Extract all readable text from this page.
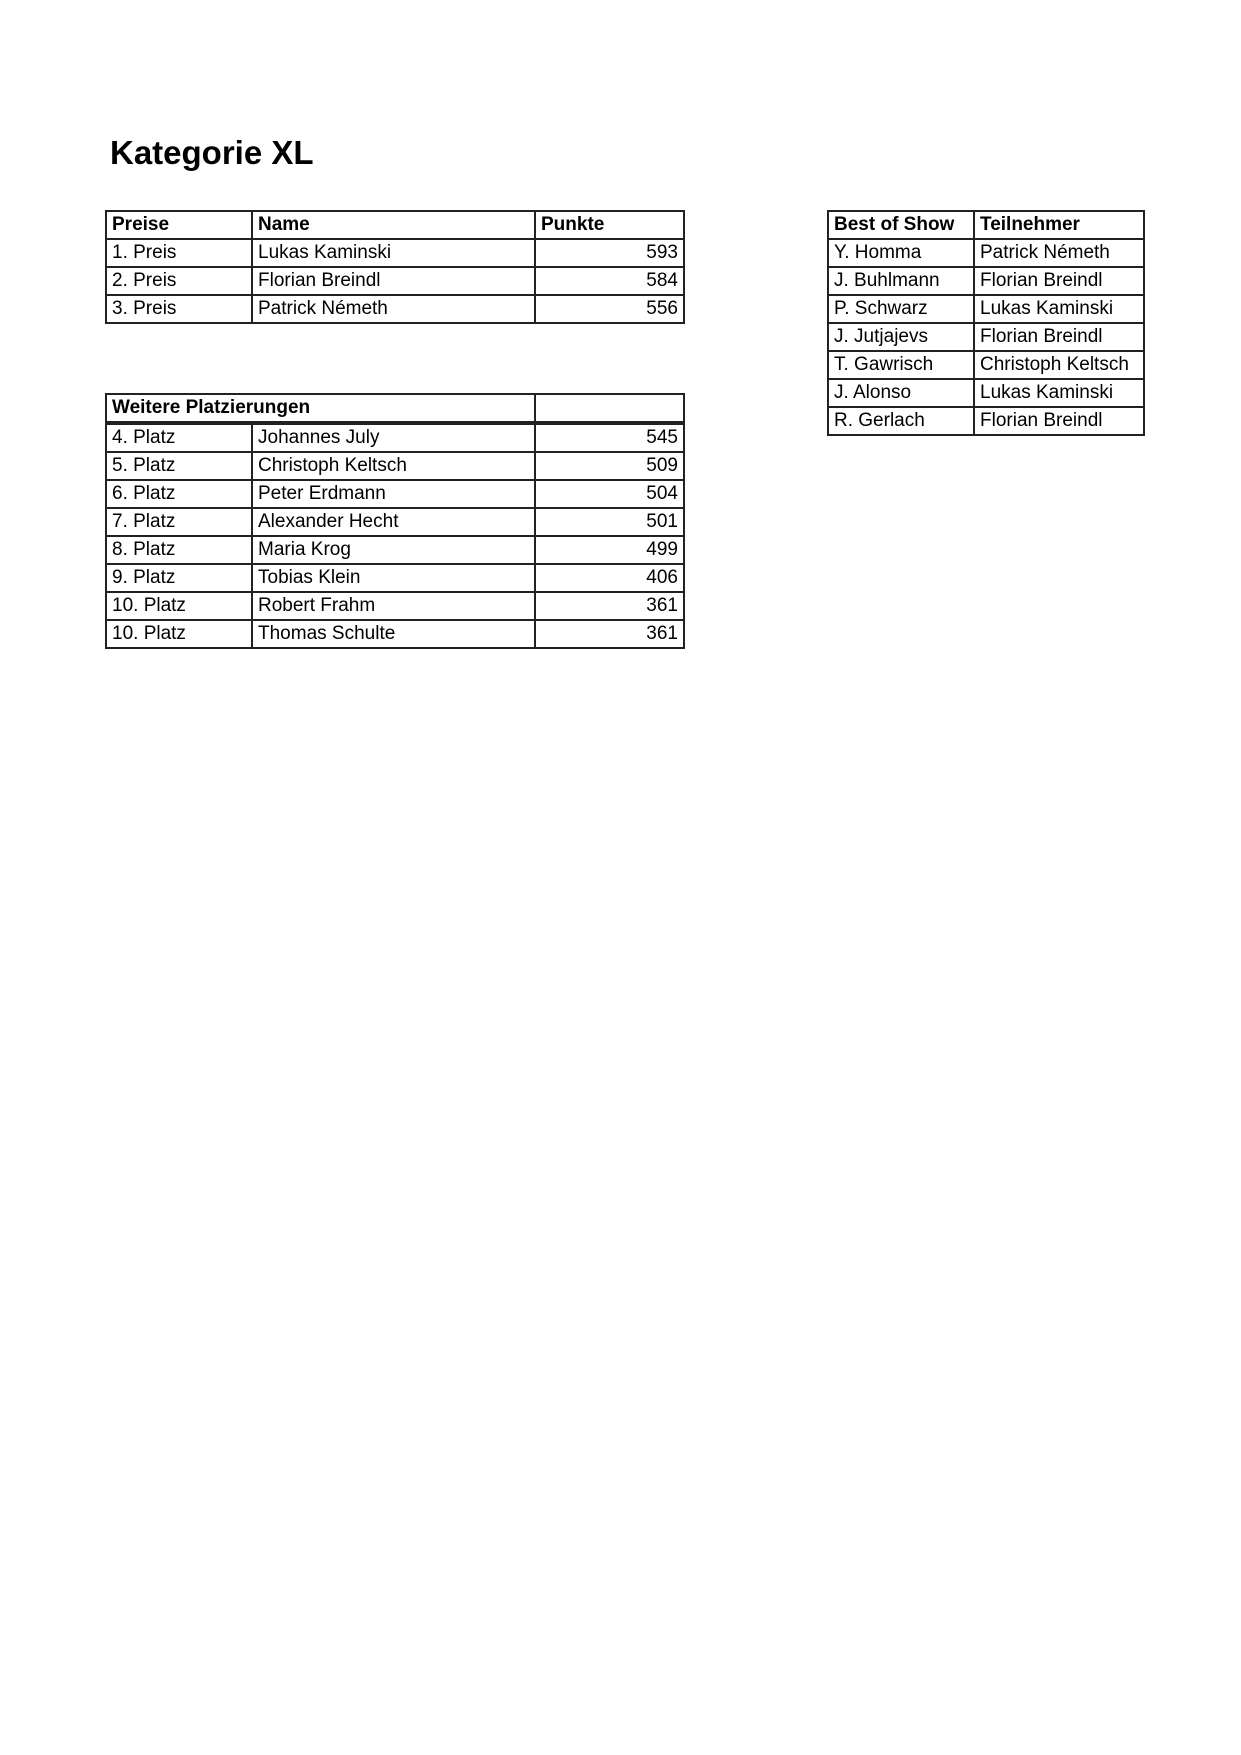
Kategorie XL
Preise	Name	Punkte
1. Preis	Lukas Kaminski	593
2. Preis	Florian Breindl	584
3. Preis	Patrick Németh	556
Weitere Platzierungen	
4. Platz	Johannes July	545
5. Platz	Christoph Keltsch	509
6. Platz	Peter Erdmann	504
7. Platz	Alexander Hecht	501
8. Platz	Maria Krog	499
9. Platz	Tobias Klein	406
10. Platz	Robert Frahm	361
10. Platz	Thomas Schulte	361
Best of Show	Teilnehmer
Y. Homma	Patrick Németh
J. Buhlmann	Florian Breindl
P. Schwarz	Lukas Kaminski
J. Jutjajevs	Florian Breindl
T. Gawrisch	Christoph Keltsch
J. Alonso	Lukas Kaminski
R. Gerlach	Florian Breindl
